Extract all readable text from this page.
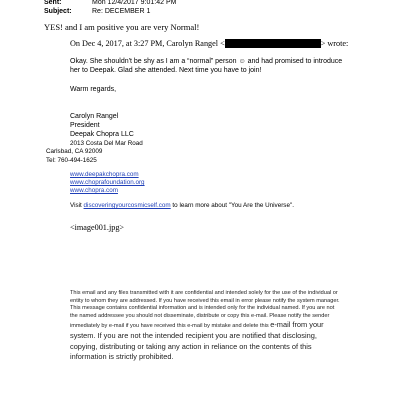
Sent:	Mon 12/4/2017 9:01:42 PM
Subject:	Re: DECEMBER 1
YES! and I am positive you are very Normal!
On Dec 4, 2017, at 3:27 PM, Carolyn Rangel <	> wrote:
Okay. She shouldn't be shy as I am a “normal” person ☺ and had promised to introduce
her to Deepak. Glad she attended. Next time you have to join!
Warm regards,
Carolyn Rangel
President
Deepak Chopra LLC
2013 Costa Del Mar Road
Carlsbad, CA 92009
Tel: 760-494-1625
www.deepakchopra.com
www.choprafoundation.org
www.chopra.com
Visit discoveringyourcosmicself.com to learn more about "You Are the Universe".
<image001.jpg>
This email and any files transmitted with it are confidential and intended solely for the use of the individual or entity to whom they are addressed. If you have received this email in error please notify the system manager. This message contains confidential information and is intended only for the individual named. If you are not the named addressee you should not disseminate, distribute or copy this e-mail. Please notify the sender immediately by e-mail if you have received this e-mail by mistake and delete this e-mail from your system. If you are not the intended recipient you are notified that disclosing, copying, distributing or taking any action in reliance on the contents of this information is strictly prohibited.
